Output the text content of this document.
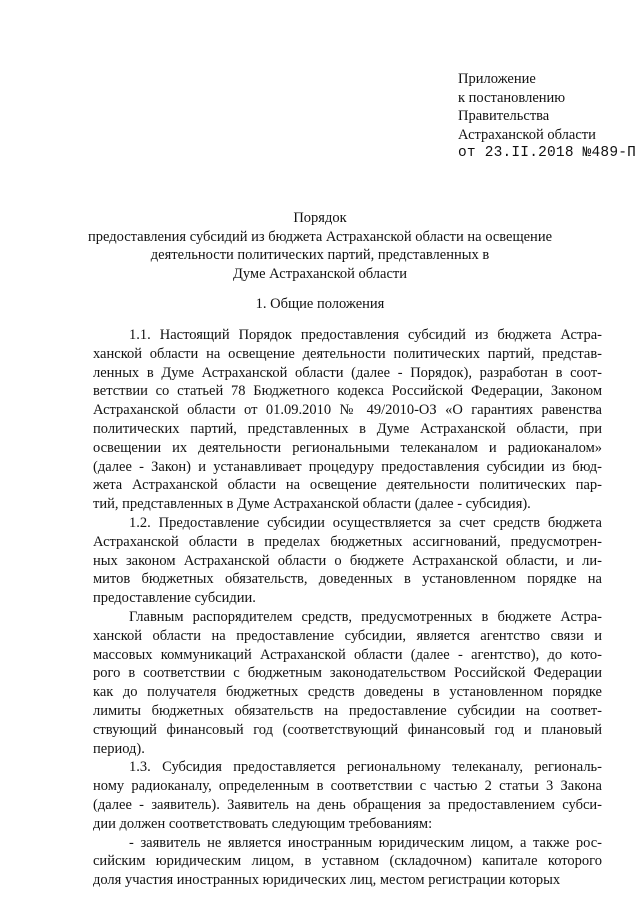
Приложение
к постановлению
Правительства
Астраханской области
от 23.II.2018 №489-П
Порядок
предоставления субсидий из бюджета Астраханской области на освещение
деятельности политических партий, представленных в
Думе Астраханской области
1. Общие положения
1.1. Настоящий Порядок предоставления субсидий из бюджета Астра-
ханской области на освещение деятельности политических партий, представ-
ленных в Думе Астраханской области (далее - Порядок), разработан в соот-
ветствии со статьей 78 Бюджетного кодекса Российской Федерации, Законом
Астраханской области от 01.09.2010 № 49/2010-ОЗ «О гарантиях равенства
политических партий, представленных в Думе Астраханской области, при
освещении их деятельности региональными телеканалом и радиоканалом»
(далее - Закон) и устанавливает процедуру предоставления субсидии из бюд-
жета Астраханской области на освещение деятельности политических пар-
тий, представленных в Думе Астраханской области (далее - субсидия).
1.2. Предоставление субсидии осуществляется за счет средств бюджета
Астраханской области в пределах бюджетных ассигнований, предусмотрен-
ных законом Астраханской области о бюджете Астраханской области, и ли-
митов бюджетных обязательств, доведенных в установленном порядке на
предоставление субсидии.
Главным распорядителем средств, предусмотренных в бюджете Астра-
ханской области на предоставление субсидии, является агентство связи и
массовых коммуникаций Астраханской области (далее - агентство), до кото-
рого в соответствии с бюджетным законодательством Российской Федерации
как до получателя бюджетных средств доведены в установленном порядке
лимиты бюджетных обязательств на предоставление субсидии на соответ-
ствующий финансовый год (соответствующий финансовый год и плановый
период).
1.3. Субсидия предоставляется региональному телеканалу, региональ-
ному радиоканалу, определенным в соответствии с частью 2 статьи 3 Закона
(далее - заявитель). Заявитель на день обращения за предоставлением субси-
дии должен соответствовать следующим требованиям:
- заявитель не является иностранным юридическим лицом, а также рос-
сийским юридическим лицом, в уставном (складочном) капитале которого
доля участия иностранных юридических лиц, местом регистрации которых
